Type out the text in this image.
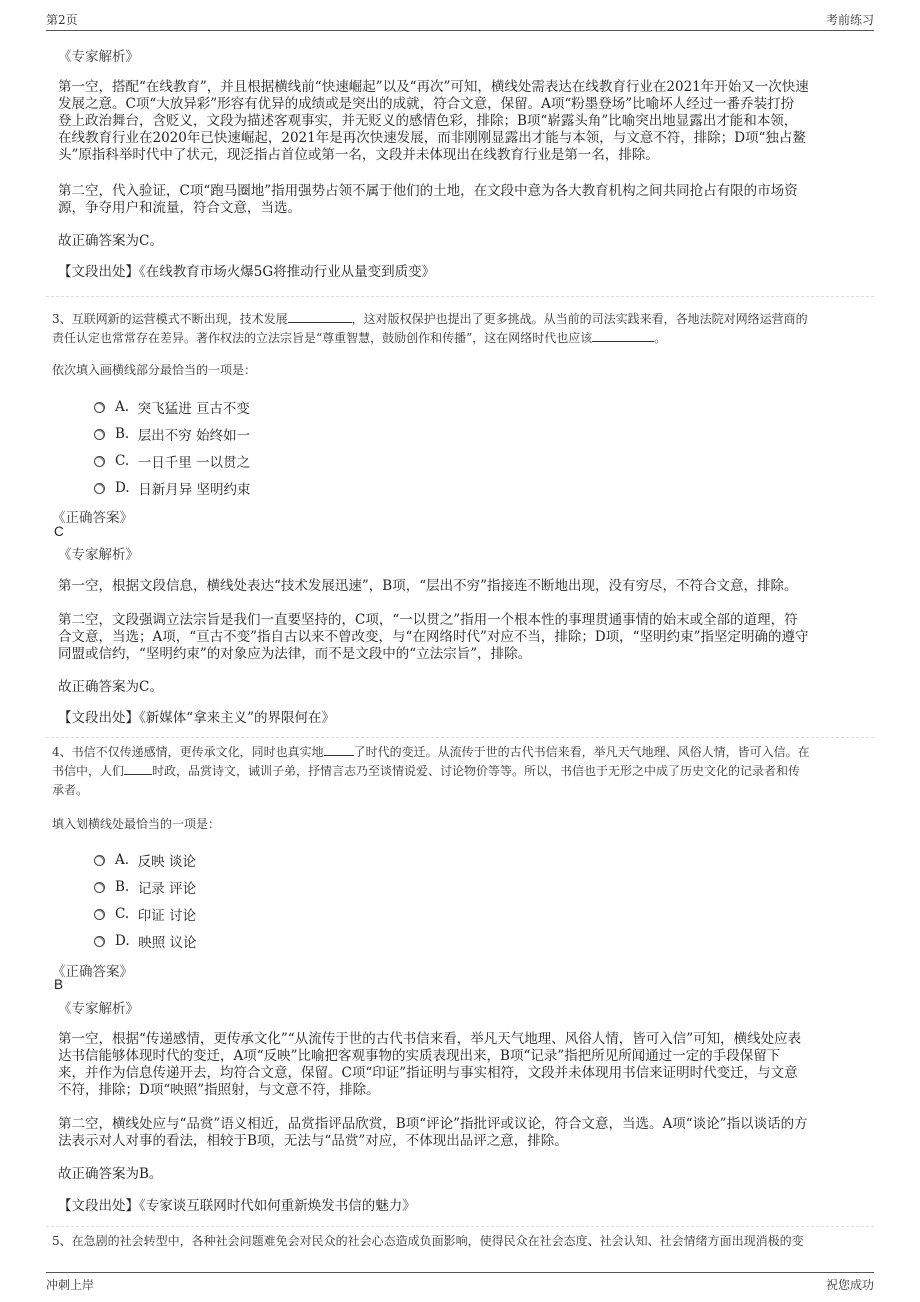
第2页	考前练习
《专家解析》
第一空，搭配“在线教育”，并且根据横线前“快速崛起”以及“再次”可知，横线处需表达在线教育行业在2021年开始又一次快速
发展之意。C项“大放异彩”形容有优异的成绩或是突出的成就，符合文意，保留。A项“粉墨登场”比喻坏人经过一番乔装打扮
登上政治舞台，含贬义，文段为描述客观事实，并无贬义的感情色彩，排除；B项“崭露头角”比喻突出地显露出才能和本领，
在线教育行业在2020年已快速崛起，2021年是再次快速发展，而非刚刚显露出才能与本领，与文意不符，排除；D项“独占鳌
头”原指科举时代中了状元，现泛指占首位或第一名，文段并未体现出在线教育行业是第一名，排除。
第二空，代入验证，C项“跑马圈地”指用强势占领不属于他们的土地，在文段中意为各大教育机构之间共同抢占有限的市场资
源，争夺用户和流量，符合文意，当选。
故正确答案为C。
【文段出处】《在线教育市场火爆5G将推动行业从量变到质变》
3、互联网新的运营模式不断出现，技术发展	，这对版权保护也提出了更多挑战。从当前的司法实践来看，各地法院对网络运营商的
责任认定也常常存在差异。著作权法的立法宗旨是“尊重智慧，鼓励创作和传播”，这在网络时代也应该	。
依次填入画横线部分最恰当的一项是：
A.
突飞猛进 亘古不变
B.
层出不穷 始终如一
C.
一日千里 一以贯之
D.
日新月异 坚明约束
《正确答案》
C
《专家解析》
第一空，根据文段信息，横线处表达“技术发展迅速”，B项，“层出不穷”指接连不断地出现，没有穷尽，不符合文意，排除。
第二空，文段强调立法宗旨是我们一直要坚持的，C项，“一以贯之”指用一个根本性的事理贯通事情的始末或全部的道理，符
合文意，当选；A项，“亘古不变”指自古以来不曾改变，与“在网络时代”对应不当，排除；D项，“坚明约束”指坚定明确的遵守
同盟或信约，“坚明约束”的对象应为法律，而不是文段中的“立法宗旨”，排除。
故正确答案为C。
【文段出处】《新媒体“拿来主义”的界限何在》
4、书信不仅传递感情，更传承文化，同时也真实地	了时代的变迁。从流传于世的古代书信来看，举凡天气地理、风俗人情，皆可入信。在
书信中，人们 时政，品赏诗文，诫训子弟，抒情言志乃至谈情说爱、讨论物价等等。所以，书信也于无形之中成了历史文化的记录者和传
承者。
填入划横线处最恰当的一项是：
A.
反映 谈论
B.
记录 评论
C.
印证 讨论
D.
映照 议论
《正确答案》
B
《专家解析》
第一空，根据“传递感情，更传承文化”“从流传于世的古代书信来看，举凡天气地理、风俗人情，皆可入信”可知，横线处应表
达书信能够体现时代的变迁，A项“反映”比喻把客观事物的实质表现出来，B项“记录”指把所见所闻通过一定的手段保留下
来，并作为信息传递开去，均符合文意，保留。C项“印证”指证明与事实相符，文段并未体现用书信来证明时代变迁，与文意
不符，排除；D项“映照”指照射，与文意不符，排除。
第二空，横线处应与“品赏”语义相近，品赏指评品欣赏，B项“评论”指批评或议论，符合文意，当选。A项“谈论”指以谈话的方
法表示对人对事的看法，相较于B项，无法与“品赏”对应，不体现出品评之意，排除。
故正确答案为B。
【文段出处】《专家谈互联网时代如何重新焕发书信的魅力》
5、在急剧的社会转型中，各种社会问题难免会对民众的社会心态造成负面影响，使得民众在社会态度、社会认知、社会情绪方面出现消极的变
冲刺上岸	祝您成功
